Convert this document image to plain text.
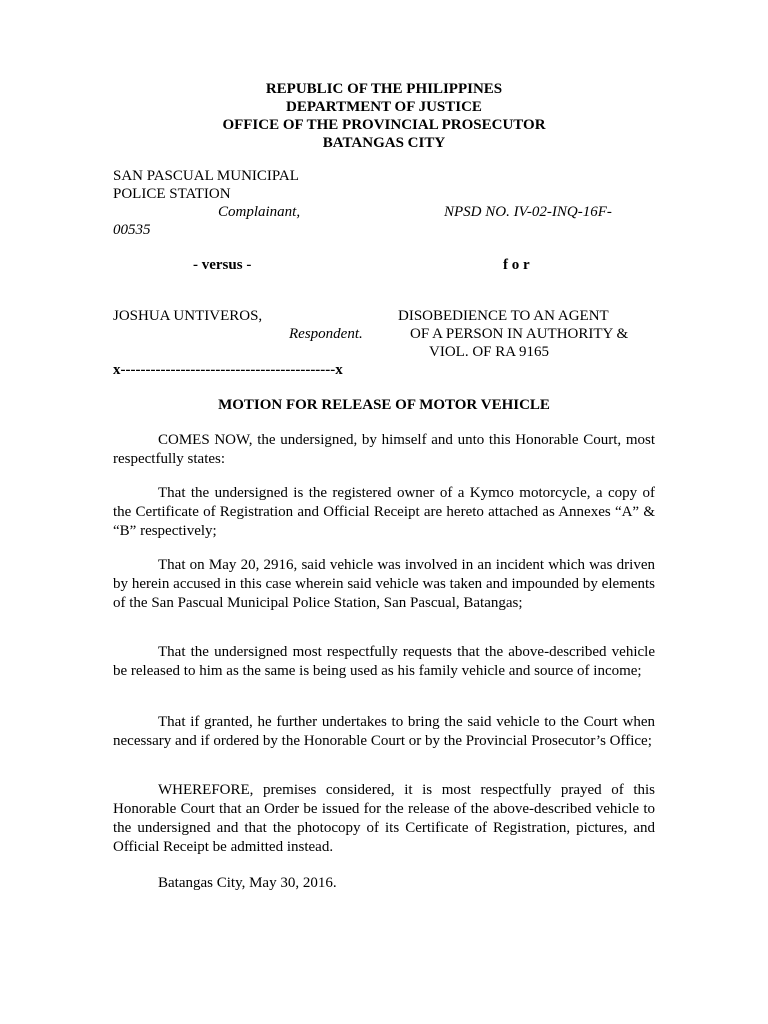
REPUBLIC OF THE PHILIPPINES
DEPARTMENT OF JUSTICE
OFFICE OF THE PROVINCIAL PROSECUTOR
BATANGAS CITY
SAN PASCUAL MUNICIPAL
POLICE STATION
Complainant,	NPSD NO. IV-02-INQ-16F-
00535
- versus -	f o r
JOSHUA UNTIVEROS,
Respondent.
DISOBEDIENCE TO AN AGENT
OF A PERSON IN AUTHORITY &
VIOL. OF RA 9165
x-------------------------------------------x
MOTION FOR RELEASE OF MOTOR VEHICLE
COMES NOW, the undersigned, by himself and unto this Honorable Court, most respectfully states:
That the undersigned is the registered owner of a Kymco motorcycle, a copy of the Certificate of Registration and Official Receipt are hereto attached as Annexes “A” & “B” respectively;
That on May 20, 2916, said vehicle was involved in an incident which was driven by herein accused in this case wherein said vehicle was taken and impounded by elements of the San Pascual Municipal Police Station, San Pascual, Batangas;
That the undersigned most respectfully requests that the above-described vehicle be released to him as the same is being used as his family vehicle and source of income;
That if granted, he further undertakes to bring the said vehicle to the Court when necessary and if ordered by the Honorable Court or by the Provincial Prosecutor’s Office;
WHEREFORE, premises considered, it is most respectfully prayed of this Honorable Court that an Order be issued for the release of the above-described vehicle to the undersigned and that the photocopy of its Certificate of Registration, pictures, and Official Receipt be admitted instead.
Batangas City, May 30, 2016.
